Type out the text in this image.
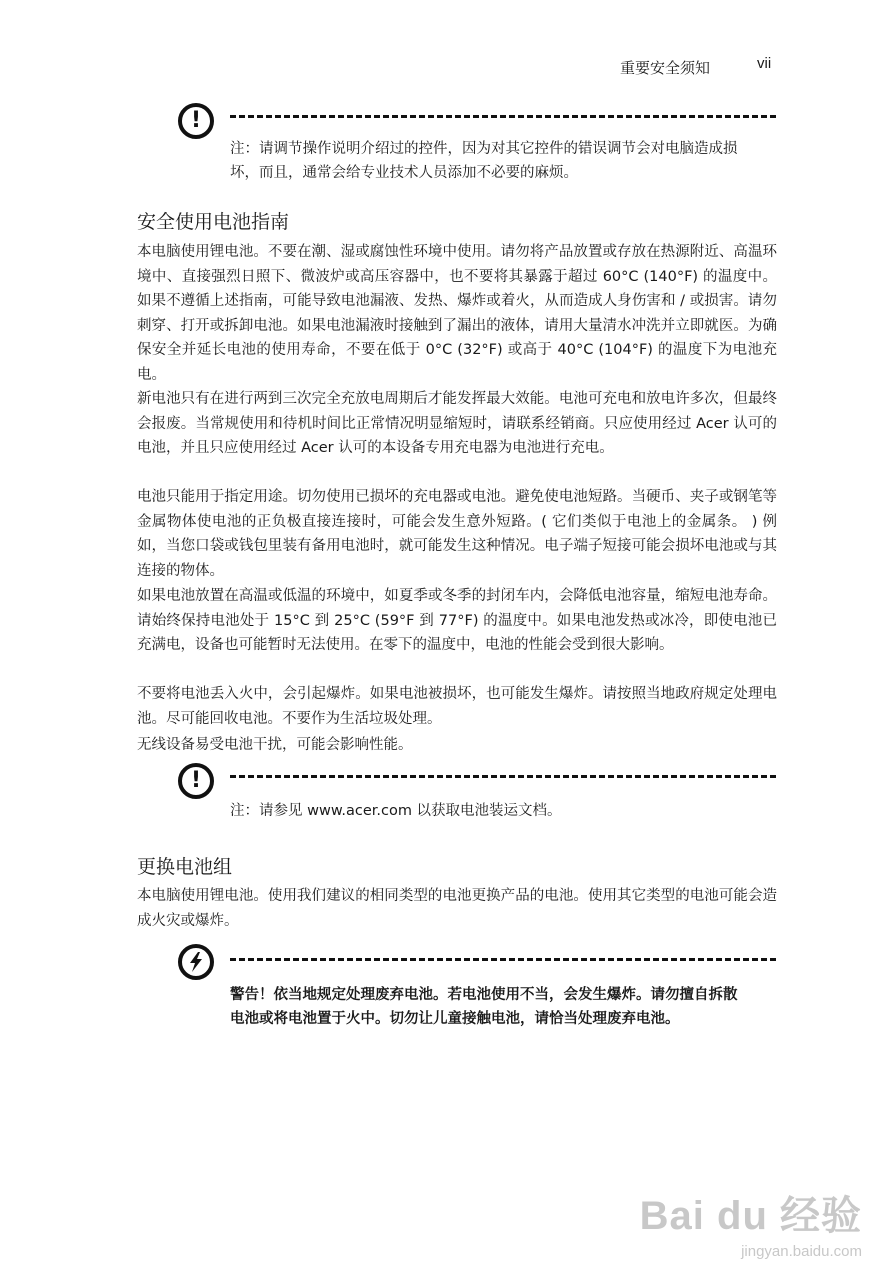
重要安全须知	vii
!
注：请调节操作说明介绍过的控件，因为对其它控件的错误调节会对电脑造成损坏，而且，通常会给专业技术人员添加不必要的麻烦。
安全使用电池指南
本电脑使用锂电池。不要在潮、湿或腐蚀性环境中使用。请勿将产品放置或存放在热源附近、高温环境中、直接强烈日照下、微波炉或高压容器中，也不要将其暴露于超过 60°C (140°F) 的温度中。如果不遵循上述指南，可能导致电池漏液、发热、爆炸或着火，从而造成人身伤害和 / 或损害。请勿刺穿、打开或拆卸电池。如果电池漏液时接触到了漏出的液体，请用大量清水冲洗并立即就医。为确保安全并延长电池的使用寿命，不要在低于 0°C (32°F) 或高于 40°C (104°F) 的温度下为电池充电。
新电池只有在进行两到三次完全充放电周期后才能发挥最大效能。电池可充电和放电许多次，但最终会报废。当常规使用和待机时间比正常情况明显缩短时，请联系经销商。只应使用经过 Acer 认可的电池，并且只应使用经过 Acer 认可的本设备专用充电器为电池进行充电。
电池只能用于指定用途。切勿使用已损坏的充电器或电池。避免使电池短路。当硬币、夹子或钢笔等金属物体使电池的正负极直接连接时，可能会发生意外短路。( 它们类似于电池上的金属条。 ) 例如，当您口袋或钱包里装有备用电池时，就可能发生这种情况。电子端子短接可能会损坏电池或与其连接的物体。
如果电池放置在高温或低温的环境中，如夏季或冬季的封闭车内，会降低电池容量，缩短电池寿命。请始终保持电池处于 15°C 到 25°C (59°F 到 77°F) 的温度中。如果电池发热或冰冷，即使电池已充满电，设备也可能暂时无法使用。在零下的温度中，电池的性能会受到很大影响。
不要将电池丢入火中，会引起爆炸。如果电池被损坏，也可能发生爆炸。请按照当地政府规定处理电池。尽可能回收电池。不要作为生活垃圾处理。
无线设备易受电池干扰，可能会影响性能。
!
注：请参见 www.acer.com 以获取电池装运文档。
更换电池组
本电脑使用锂电池。使用我们建议的相同类型的电池更换产品的电池。使用其它类型的电池可能会造成火灾或爆炸。
警告！依当地规定处理废弃电池。若电池使用不当，会发生爆炸。请勿擅自拆散电池或将电池置于火中。切勿让儿童接触电池，请恰当处理废弃电池。
Bai du 经验
jingyan.baidu.com
